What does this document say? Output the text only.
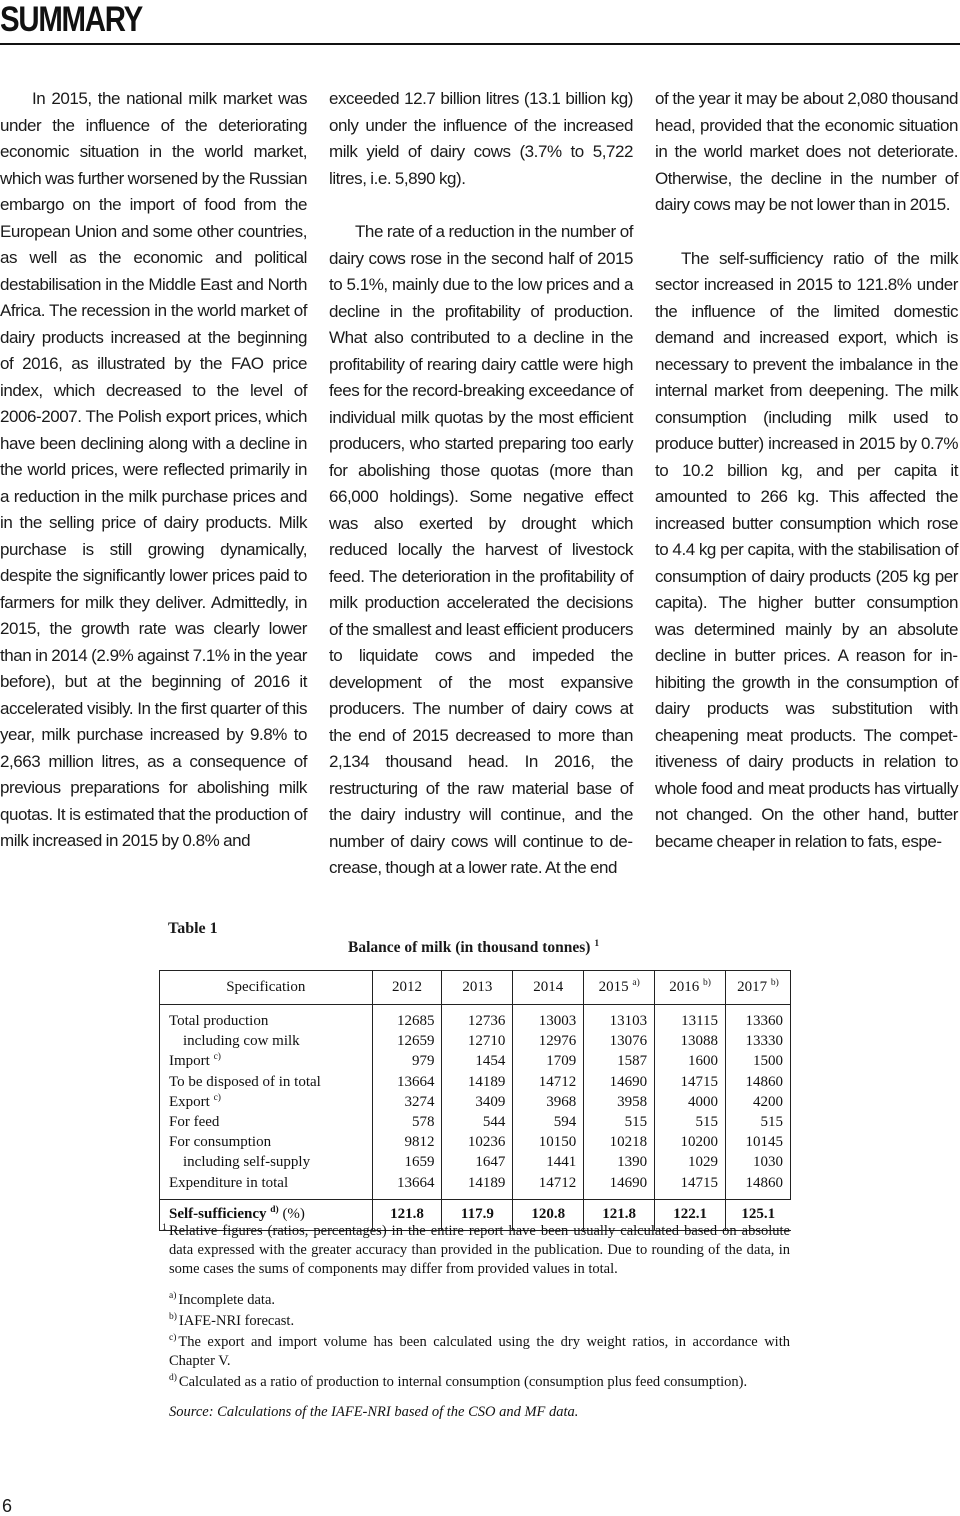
SUMMARY

In 2015, the national milk market was under the influence of the deteriorating economic situation in the world market, which was further worsened by the Russian embargo on the import of food from the European Union and some other countries, as well as the economic and political destabilisation in the Middle East and North Africa. The recession in the world market of dairy products increased at the beginning of 2016, as illustrated by the FAO price index, which decreased to the level of 2006-2007. The Polish export prices, which have been declining along with a decline in the world prices, were reflected primarily in a reduction in the milk purchase prices and in the selling price of dairy products. Milk purchase is still growing dynamically, despite the significantly lower prices paid to farmers for milk they deliver. Admittedly, in 2015, the growth rate was clearly lower than in 2014 (2.9% against 7.1% in the year before), but at the beginning of 2016 it accelerated visibly. In the first quarter of this year, milk purchase increased by 9.8% to 2,663 million litres, as a consequence of previous preparations for abolishing milk quotas. It is estimated that the production of milk increased in 2015 by 0.8% and

exceeded 12.7 billion litres (13.1 billion kg) only under the influence of the increased milk yield of dairy cows (3.7% to 5,722 litres, i.e. 5,890 kg).

The rate of a reduction in the number of dairy cows rose in the second half of 2015 to 5.1%, mainly due to the low prices and a decline in the profitability of production. What also contributed to a decline in the profitability of rearing dairy cattle were high fees for the record-breaking exceedance of individual milk quotas by the most efficient producers, who started preparing too early for abolishing those quotas (more than 66,000 holdings). Some negative effect was also exerted by drought which reduced locally the harvest of livestock feed. The deterioration in the profitability of milk production accelerated the decisions of the smallest and least efficient producers to liquidate cows and impeded the development of the most expansive producers. The number of dairy cows at the end of 2015 decreased to more than 2,134 thousand head. In 2016, the restructuring of the raw material base of the dairy industry will continue, and the number of dairy cows will continue to decrease, though at a lower rate. At the end

of the year it may be about 2,080 thousand head, provided that the economic situation in the world market does not deteriorate. Otherwise, the decline in the number of dairy cows may be not lower than in 2015.

The self-sufficiency ratio of the milk sector increased in 2015 to 121.8% under the influence of the limited domestic demand and increased export, which is necessary to prevent the imbalance in the internal market from deepening. The milk consumption (including milk used to produce butter) increased in 2015 by 0.7% to 10.2 billion kg, and per capita it amounted to 266 kg. This affected the increased butter consumption which rose to 4.4 kg per capita, with the stabilisation of consumption of dairy products (205 kg per capita). The higher butter consumption was determined mainly by an absolute decline in butter prices. A reason for inhibiting the growth in the consumption of dairy products was substitution with cheapening meat products. The competitiveness of dairy products in relation to whole food and meat products has virtually not changed. On the other hand, butter became cheaper in relation to fats, espe-

Table 1

Balance of milk (in thousand tonnes) $^1$

Specification	2012	2013	2014	2015 $^{a)}$	2016 $^{b)}$	2017 $^{b)}$
Total production	12685	12736	13003	13103	13115	13360
including cow milk	12659	12710	12976	13076	13088	13330
Import $^{c)}$	979	1454	1709	1587	1600	1500
To be disposed of in total	13664	14189	14712	14690	14715	14860
Export $^{c)}$	3274	3409	3968	3958	4000	4200
For feed	578	544	594	515	515	515
For consumption	9812	10236	10150	10218	10200	10145
including self-supply	1659	1647	1441	1390	1029	1030
Expenditure in total	13664	14189	14712	14690	14715	14860
Self-sufficiency $^{d)}$ (%)	121.8	117.9	120.8	121.8	122.1	125.1

1 Relative figures (ratios, percentages) in the entire report have been usually calculated based on absolute data expressed with the greater accuracy than provided in the publication. Due to rounding of the data, in some cases the sums of components may differ from provided values in total.

$^{a)}$ Incomplete data.

$^{b)}$ IAFE-NRI forecast.

$^{c)}$ The export and import volume has been calculated using the dry weight ratios, in accordance with Chapter V.

$^{d)}$ Calculated as a ratio of production to internal consumption (consumption plus feed consumption).

Source: Calculations of the IAFE-NRI based of the CSO and MF data.

6
